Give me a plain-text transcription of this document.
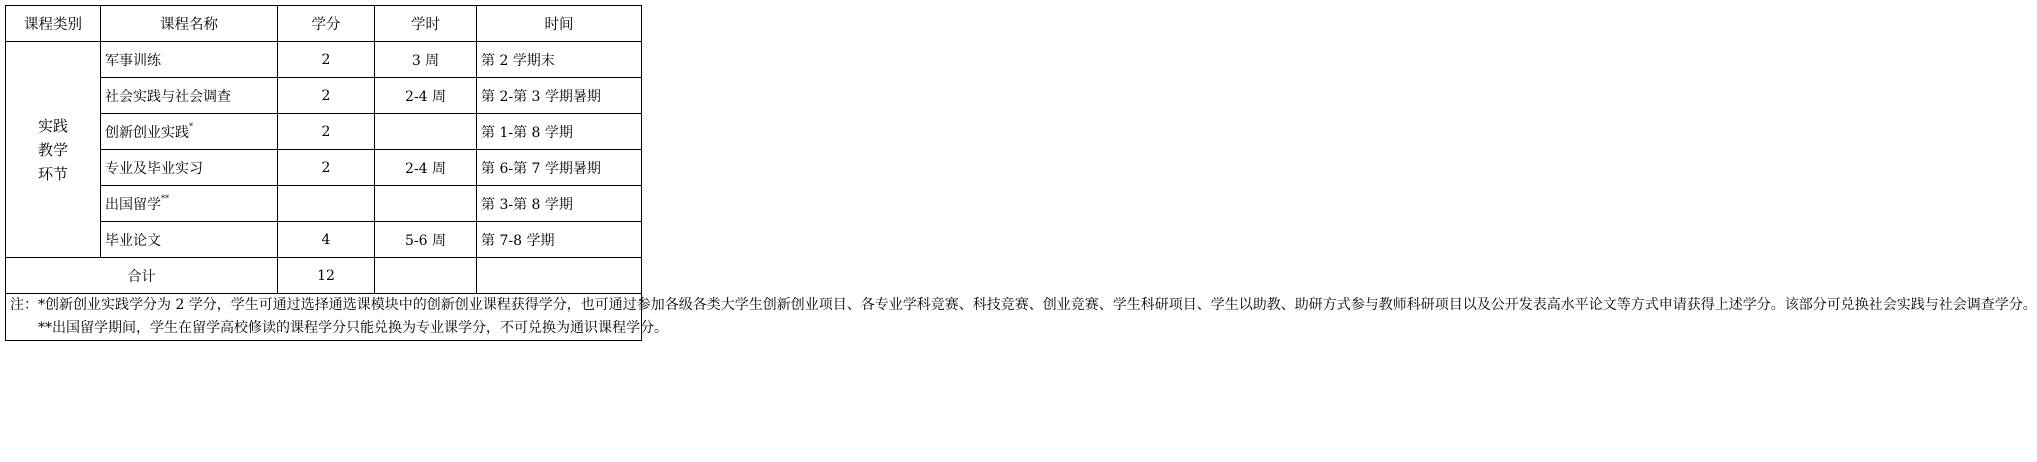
课程类别	课程名称	学分	学时	时间

实践
教学
环节	军事训练	2	3 周	第 2 学期末
	社会实践与社会调查	2	2-4 周	第 2-第 3 学期暑期
	创新创业实践*	2		第 1-第 8 学期
	专业及毕业实习	2	2-4 周	第 6-第 7 学期暑期
	出国留学**			第 3-第 8 学期
	毕业论文	4	5-6 周	第 7-8 学期
合计		12		

注：*创新创业实践学分为 2 学分，学生可通过选择通选课模块中的创新创业课程获得学分，也可通过参加各级各类大学生创新创业项目、各专业学科竞赛、科技竞赛、创业竞赛、学生科研项目、学生以助教、助研方式参与教师科研项目以及公开发表高水平论文等方式申请获得上述学分。该部分可兑换社会实践与社会调查学分。

**出国留学期间，学生在留学高校修读的课程学分只能兑换为专业课学分，不可兑换为通识课程学分。				
